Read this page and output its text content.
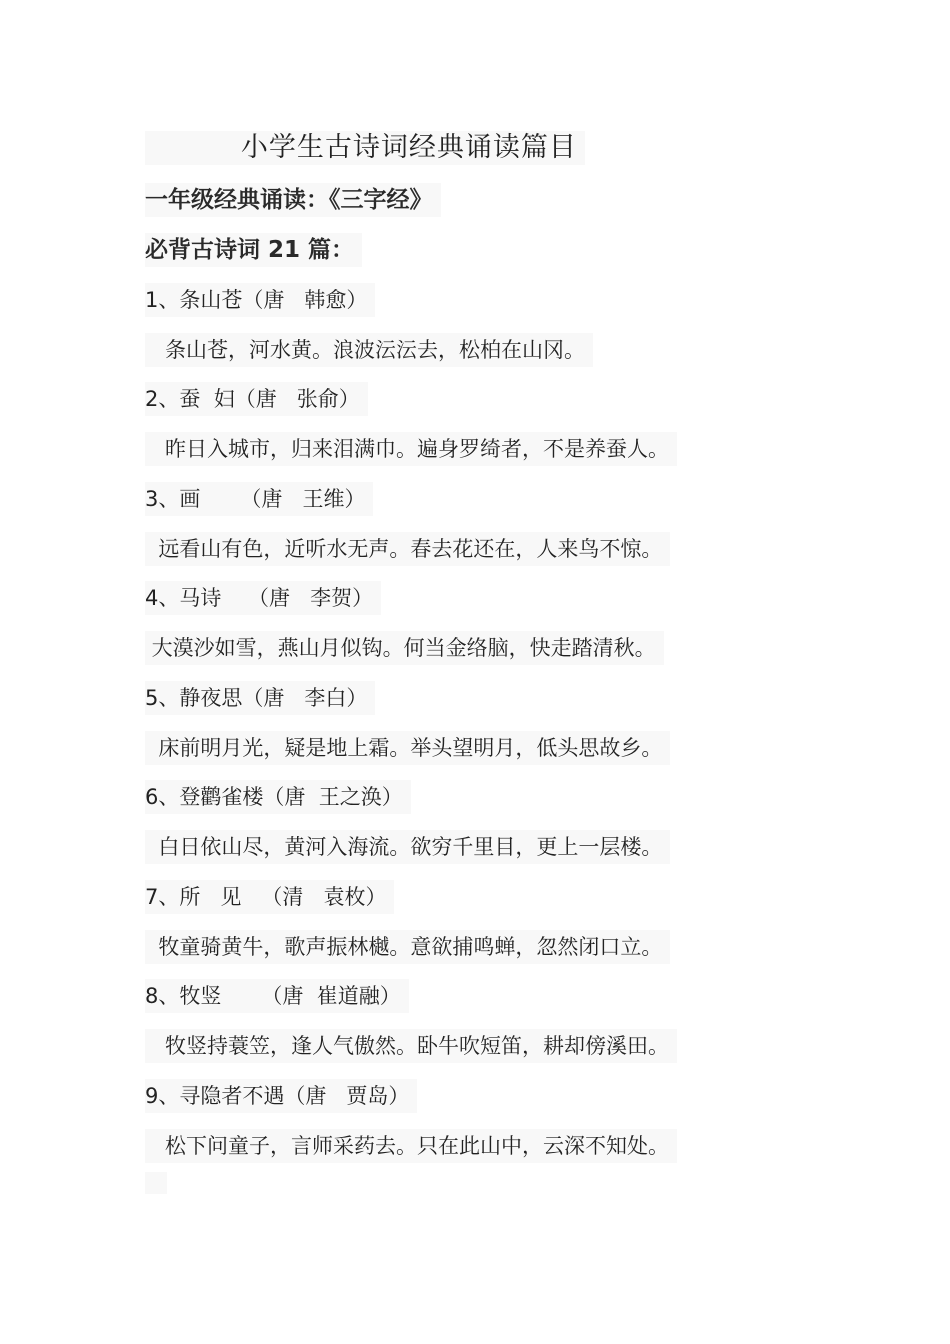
小学生古诗词经典诵读篇目
一年级经典诵读：《三字经》
必背古诗词 21 篇：
1、条山苍（唐   韩愈）
条山苍，河水黄。浪波沄沄去，松柏在山冈。
2、蚕  妇（唐   张俞）
昨日入城市，归来泪满巾。遍身罗绮者，不是养蚕人。
3、画      （唐   王维）
远看山有色，近听水无声。春去花还在，人来鸟不惊。
4、马诗    （唐   李贺）
大漠沙如雪，燕山月似钩。何当金络脑，快走踏清秋。
5、静夜思（唐   李白）
床前明月光，疑是地上霜。举头望明月，低头思故乡。
6、登鹳雀楼（唐  王之涣）
白日依山尽，黄河入海流。欲穷千里目，更上一层楼。
7、所   见   （清   袁枚）
牧童骑黄牛，歌声振林樾。意欲捕鸣蝉，忽然闭口立。
8、牧竖      （唐  崔道融）
牧竖持蓑笠，逢人气傲然。卧牛吹短笛，耕却傍溪田。
9、寻隐者不遇（唐   贾岛）
松下问童子，言师采药去。只在此山中，云深不知处。
